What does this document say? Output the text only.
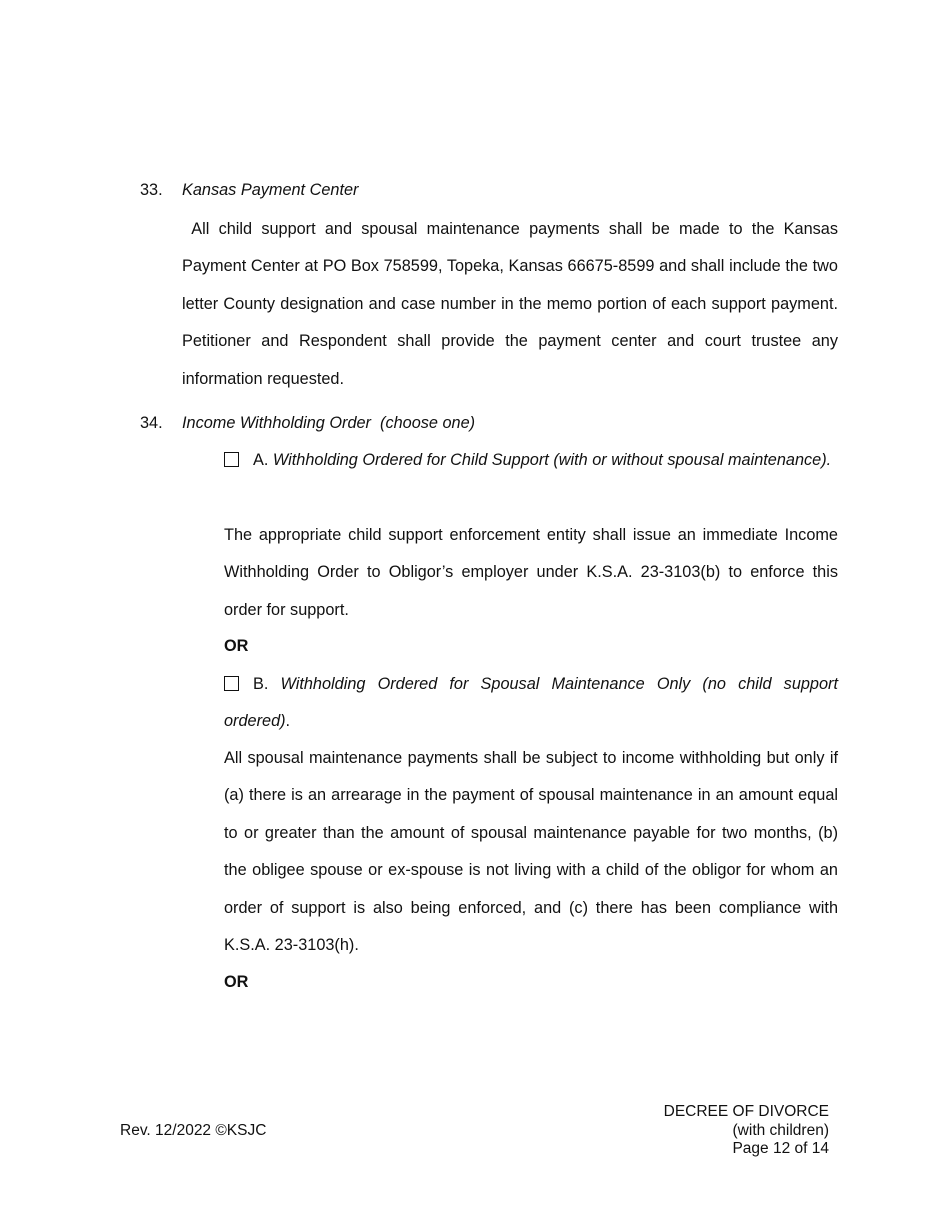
33. Kansas Payment Center

All child support and spousal maintenance payments shall be made to the Kansas Payment Center at PO Box 758599, Topeka, Kansas 66675-8599 and shall include the two letter County designation and case number in the memo portion of each support payment. Petitioner and Respondent shall provide the payment center and court trustee any information requested.

34. Income Withholding Order  (choose one)

A. Withholding Ordered for Child Support (with or without spousal maintenance).

The appropriate child support enforcement entity shall issue an immediate Income Withholding Order to Obligor’s employer under K.S.A. 23-3103(b) to enforce this order for support.

OR

B. Withholding Ordered for Spousal Maintenance Only (no child support ordered).

All spousal maintenance payments shall be subject to income withholding but only if (a) there is an arrearage in the payment of spousal maintenance in an amount equal to or greater than the amount of spousal maintenance payable for two months, (b) the obligee spouse or ex-spouse is not living with a child of the obligor for whom an order of support is also being enforced, and (c) there has been compliance with K.S.A. 23-3103(h).

OR
Rev. 12/2022 ©KSJC
DECREE OF DIVORCE
(with children)
Page 12 of 14
